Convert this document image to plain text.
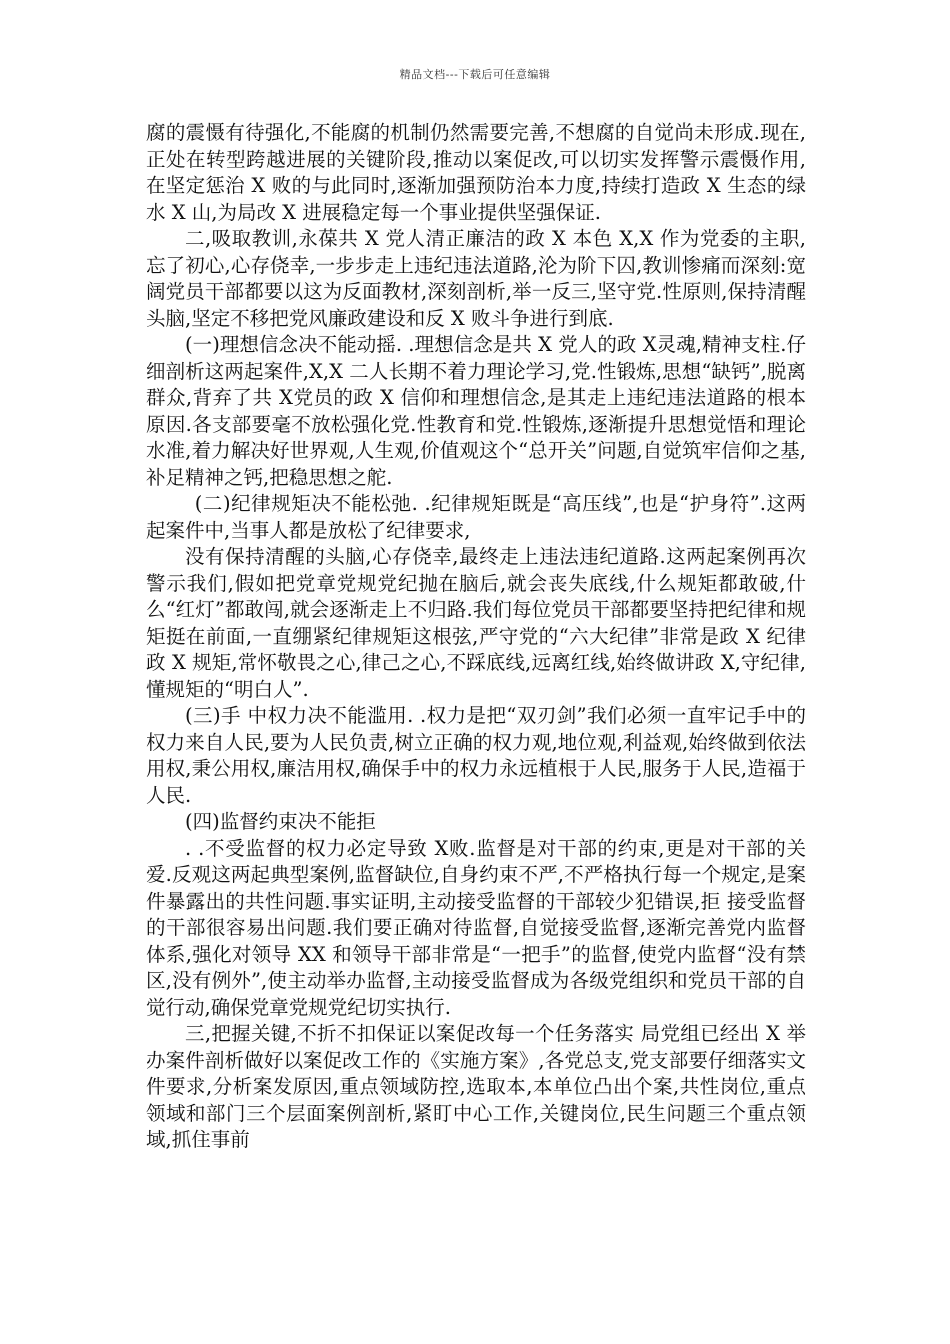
精品文档---下载后可任意编辑

腐的震慑有待强化,不能腐的机制仍然需要完善,不想腐的自觉尚未形成.现在,正处在转型跨越进展的关键阶段,推动以案促改,可以切实发挥警示震慑作用,在坚定惩治 X 败的与此同时,逐渐加强预防治本力度,持续打造政 X 生态的绿水 X 山,为局改 X 进展稳定每一个事业提供坚强保证.

二,吸取教训,永葆共 X 党人清正廉洁的政 X 本色 X,X 作为党委的主职,忘了初心,心存侥幸,一步步走上违纪违法道路,沦为阶下囚,教训惨痛而深刻:宽阔党员干部都要以这为反面教材,深刻剖析,举一反三,坚守党.性原则,保持清醒头脑,坚定不移把党风廉政建设和反 X 败斗争进行到底.

(一)理想信念决不能动摇. .理想信念是共 X 党人的政 X灵魂,精神支柱.仔细剖析这两起案件,X,X 二人长期不着力理论学习,党.性锻炼,思想“缺钙”,脱离群众,背弃了共 X党员的政 X 信仰和理想信念,是其走上违纪违法道路的根本原因.各支部要毫不放松强化党.性教育和党.性锻炼,逐渐提升思想觉悟和理论水准,着力解决好世界观,人生观,价值观这个“总开关”问题,自觉筑牢信仰之基,补足精神之钙,把稳思想之舵.

(二)纪律规矩决不能松弛. .纪律规矩既是“高压线”,也是“护身符”.这两起案件中,当事人都是放松了纪律要求,

没有保持清醒的头脑,心存侥幸,最终走上违法违纪道路.这两起案例再次警示我们,假如把党章党规党纪抛在脑后,就会丧失底线,什么规矩都敢破,什么“红灯”都敢闯,就会逐渐走上不归路.我们每位党员干部都要坚持把纪律和规矩挺在前面,一直绷紧纪律规矩这根弦,严守党的“六大纪律”非常是政 X 纪律政 X 规矩,常怀敬畏之心,律己之心,不踩底线,远离红线,始终做讲政 X,守纪律,懂规矩的“明白人”.

(三)手 中权力决不能滥用. .权力是把“双刃剑”我们必须一直牢记手中的权力来自人民,要为人民负责,树立正确的权力观,地位观,利益观,始终做到依法用权,秉公用权,廉洁用权,确保手中的权力永远植根于人民,服务于人民,造福于人民.

(四)监督约束决不能拒

. .不受监督的权力必定导致 X败.监督是对干部的约束,更是对干部的关爱.反观这两起典型案例,监督缺位,自身约束不严,不严格执行每一个规定,是案件暴露出的共性问题.事实证明,主动接受监督的干部较少犯错误,拒 接受监督的干部很容易出问题.我们要正确对待监督,自觉接受监督,逐渐完善党内监督体系,强化对领导 XX 和领导干部非常是“一把手”的监督,使党内监督“没有禁区,没有例外”,使主动举办监督,主动接受监督成为各级党组织和党员干部的自觉行动,确保党章党规党纪切实执行.

三,把握关键,不折不扣保证以案促改每一个任务落实 局党组已经出 X 举办案件剖析做好以案促改工作的《实施方案》,各党总支,党支部要仔细落实文件要求,分析案发原因,重点领域防控,选取本,本单位凸出个案,共性岗位,重点领域和部门三个层面案例剖析,紧盯中心工作,关键岗位,民生问题三个重点领域,抓住事前
